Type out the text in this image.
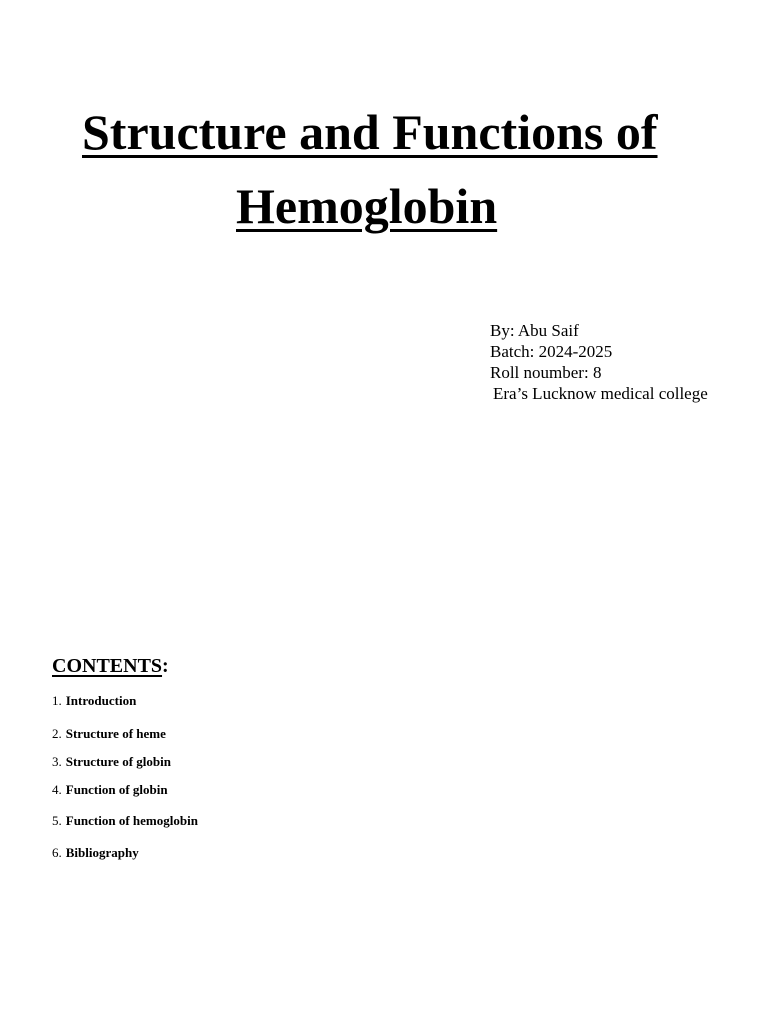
Structure and Functions of
Hemoglobin
By: Abu Saif
Batch: 2024-2025
Roll noumber: 8
Era’s Lucknow medical college
CONTENTS:
1. Introduction
2. Structure of heme
3. Structure of globin
4. Function of globin
5. Function of hemoglobin
6. Bibliography
